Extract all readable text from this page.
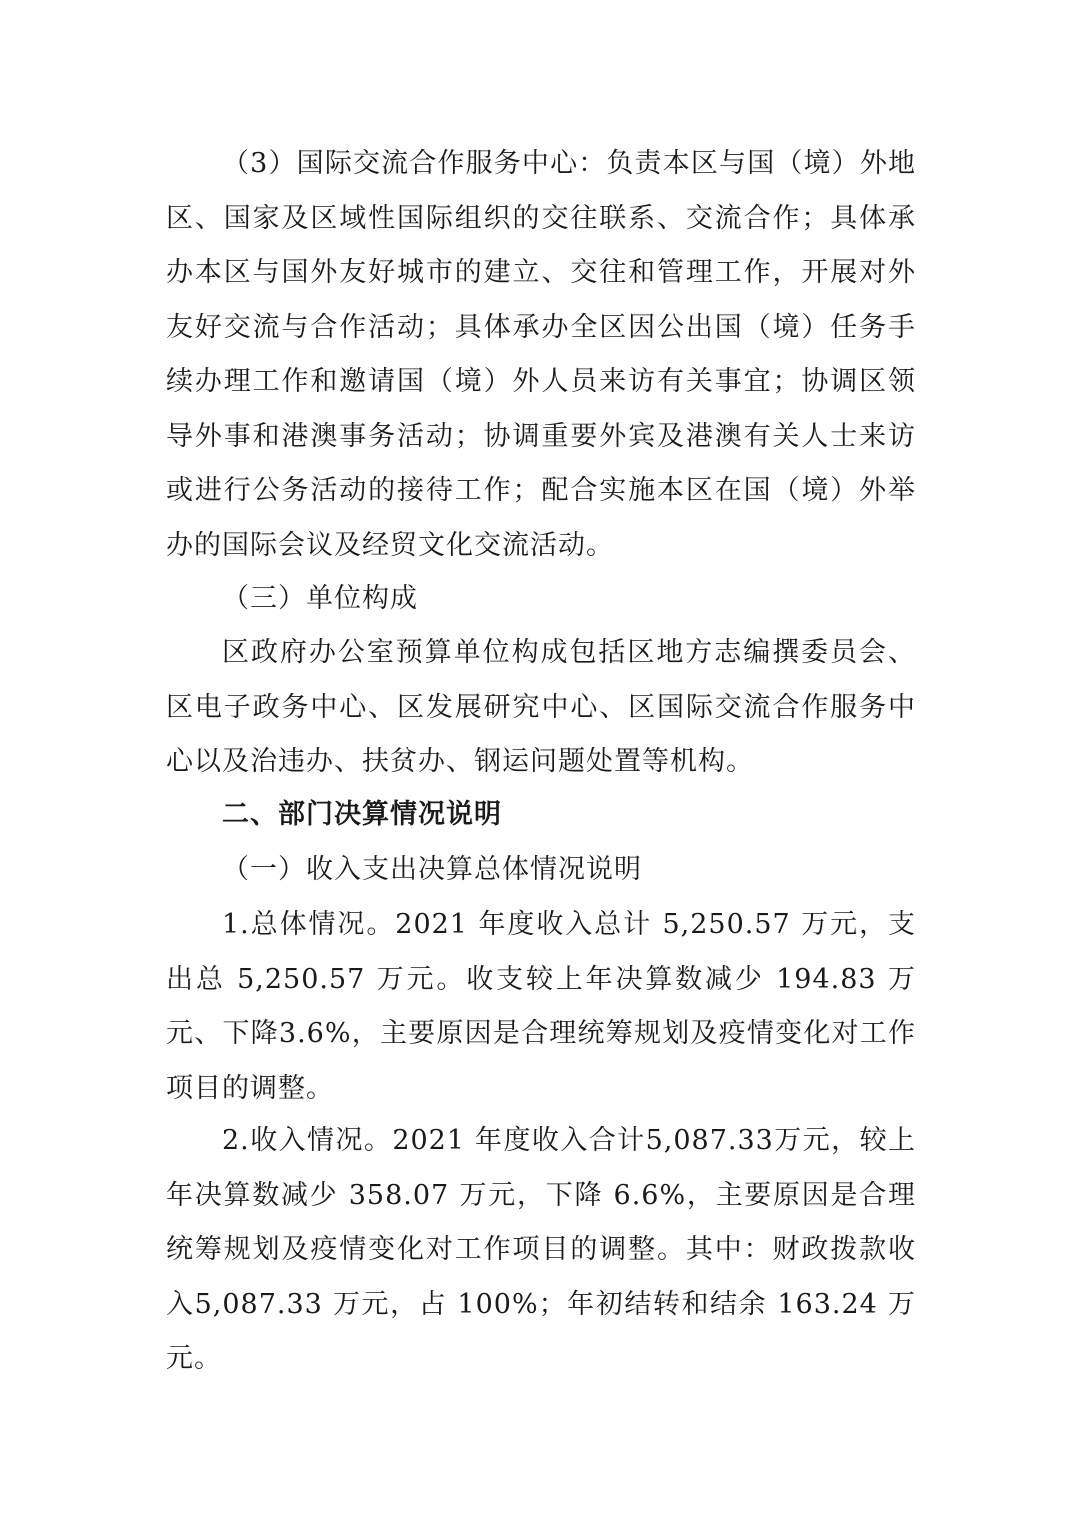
（3）国际交流合作服务中心：负责本区与国（境）外地区、国家及区域性国际组织的交往联系、交流合作；具体承办本区与国外友好城市的建立、交往和管理工作，开展对外友好交流与合作活动；具体承办全区因公出国（境）任务手续办理工作和邀请国（境）外人员来访有关事宜；协调区领导外事和港澳事务活动；协调重要外宾及港澳有关人士来访或进行公务活动的接待工作；配合实施本区在国（境）外举办的国际会议及经贸文化交流活动。

（三）单位构成

区政府办公室预算单位构成包括区地方志编撰委员会、区电子政务中心、区发展研究中心、区国际交流合作服务中心以及治违办、扶贫办、钢运问题处置等机构。

二、部门决算情况说明

（一）收入支出决算总体情况说明

1.总体情况。2021 年度收入总计 5,250.57 万元，支出总 5,250.57 万元。收支较上年决算数减少 194.83 万元、下降3.6%，主要原因是合理统筹规划及疫情变化对工作项目的调整。

2.收入情况。2021 年度收入合计5,087.33万元，较上年决算数减少 358.07 万元，下降 6.6%，主要原因是合理统筹规划及疫情变化对工作项目的调整。其中：财政拨款收入5,087.33 万元，占 100%；年初结转和结余 163.24 万元。
